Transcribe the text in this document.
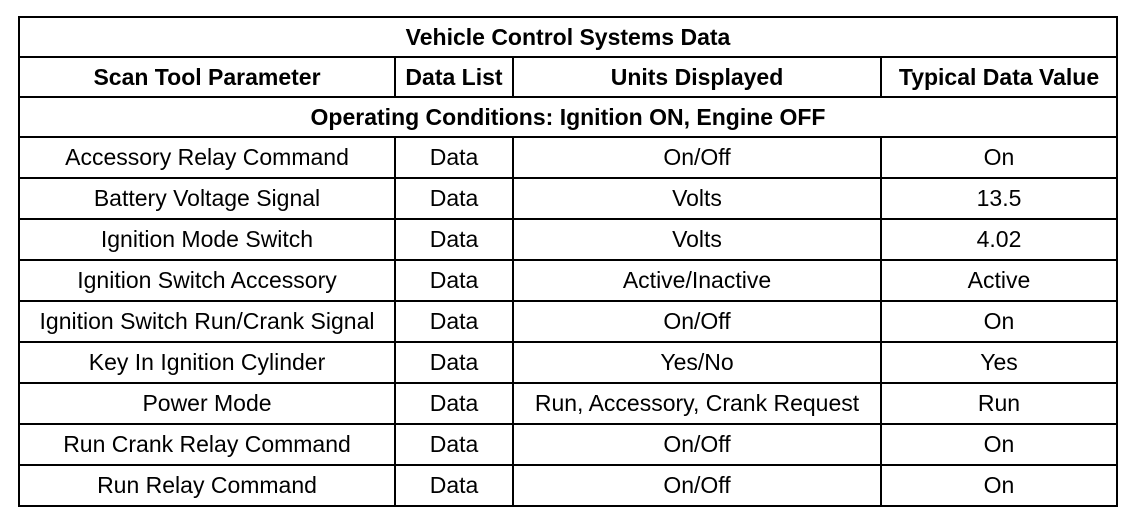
Vehicle Control Systems Data			
Scan Tool Parameter	Data List	Units Displayed	Typical Data Value
Operating Conditions: Ignition ON, Engine OFF			
Accessory Relay Command	Data	On/Off	On
Battery Voltage Signal	Data	Volts	13.5
Ignition Mode Switch	Data	Volts	4.02
Ignition Switch Accessory	Data	Active/Inactive	Active
Ignition Switch Run/Crank Signal	Data	On/Off	On
Key In Ignition Cylinder	Data	Yes/No	Yes
Power Mode	Data	Run, Accessory, Crank Request	Run
Run Crank Relay Command	Data	On/Off	On
Run Relay Command	Data	On/Off	On
